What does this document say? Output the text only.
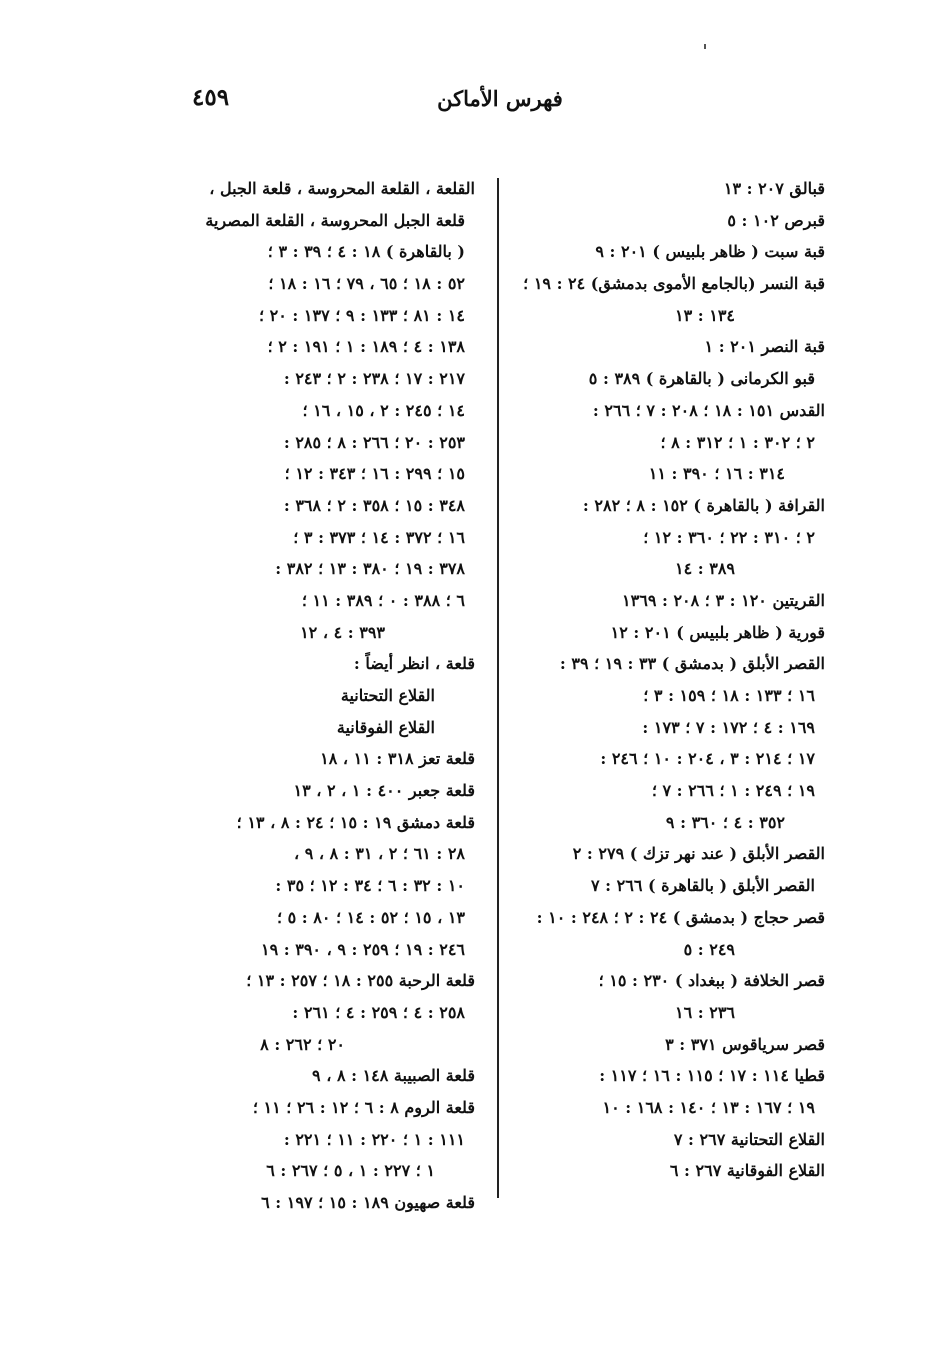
فهرس الأماكن
٤٥٩
قبالق ٢٠٧ : ١٣
قبرص ١٠٢ : ٥
قبة سبت ( ظاهر بلبيس ) ٢٠١ : ٩
قبة النسر (بالجامع الأموى بدمشق) ٢٤ : ١٩ ؛
١٣٤ : ١٣
قبة النصر ٢٠١ : ١
قبو الكرمانى ( بالقاهرة ) ٣٨٩ : ٥
القدس ١٥١ : ١٨ ؛ ٢٠٨ : ٧ ؛ ٢٦٦ :
٢ ؛ ٣٠٢ : ١ ؛ ٣١٢ : ٨ ؛
٣١٤ : ١٦ ؛ ٣٩٠ : ١١
القرافة ( بالقاهرة ) ١٥٢ : ٨ ؛ ٢٨٢ :
٢ ؛ ٣١٠ : ٢٢ ؛ ٣٦٠ : ١٢ ؛
٣٨٩ : ١٤
القريتين ١٢٠ : ٣ ؛ ٢٠٨ : ١٣٦٩
قورية ( ظاهر بلبيس ) ٢٠١ : ١٢
القصر الأبلق ( بدمشق ) ٣٣ : ١٩ ؛ ٣٩ :
١٦ ؛ ١٣٣ : ١٨ ؛ ١٥٩ : ٣ ؛
١٦٩ : ٤ ؛ ١٧٢ : ٧ ؛ ١٧٣ :
١٧ ؛ ٢١٤ : ٣ ، ٢٠٤ : ١٠ ؛ ٢٤٦ :
١٩ ؛ ٢٤٩ : ١ ؛ ٢٦٦ : ٧ ؛
٣٥٢ : ٤ ؛ ٣٦٠ : ٩
القصر الأبلق ( عند نهر تزك ) ٢٧٩ : ٢
القصر الأبلق ( بالقاهرة ) ٢٦٦ : ٧
قصر حجاج ( بدمشق ) ٢٤ : ٢ ؛ ٢٤٨ : ١٠ :
٢٤٩ : ٥
قصر الخلافة ( ببغداد ) ٢٣٠ : ١٥ ؛
٢٣٦ : ١٦
قصر سرياقوس ٣٧١ : ٣
قطيا ١١٤ : ١٧ ؛ ١١٥ : ١٦ ؛ ١١٧ :
١٩ ؛ ١٦٧ : ١٣ ؛ ١٤٠ : ١٦٨ : ١٠
القلاع التحتانية ٢٦٧ : ٧
القلاع الفوقانية ٢٦٧ : ٦
القلعة ، القلعة المحروسة ، قلعة الجبل ،
قلعة الجبل المحروسة ، القلعة المصرية
( بالقاهرة ) ١٨ : ٤ ؛ ٣٩ : ٣ ؛
٥٢ : ١٨ ؛ ٦٥ ، ٧٩ ؛ ١٦ : ١٨ ؛
١٤ : ٨١ ؛ ١٣٣ : ٩ ؛ ١٣٧ : ٢٠ ؛
١٣٨ : ٤ ؛ ١٨٩ : ١ ؛ ١٩١ : ٢ ؛
٢١٧ : ١٧ ؛ ٢٣٨ : ٢ ؛ ٢٤٣ :
١٤ ؛ ٢٤٥ : ٢ ، ١٥ ، ١٦ ؛
٢٥٣ : ٢٠ ؛ ٢٦٦ : ٨ ؛ ٢٨٥ :
١٥ ؛ ٢٩٩ : ١٦ ؛ ٣٤٣ : ١٢ ؛
٣٤٨ : ١٥ ؛ ٣٥٨ : ٢ ؛ ٣٦٨ :
١٦ ؛ ٣٧٢ : ١٤ ؛ ٣٧٣ : ٣ ؛
٣٧٨ : ١٩ ؛ ٣٨٠ : ١٣ ؛ ٣٨٢ :
٦ ؛ ٣٨٨ : ٠ ؛ ٣٨٩ : ١١ ؛
٣٩٣ : ٤ ، ١٢
قلعة ، انظر أيضاً :
القلاع التحتانية
القلاع الفوقانية
قلعة تعز ٣١٨ : ١١ ، ١٨
قلعة جعبر ٤٠٠ : ١ ، ٢ ، ١٣
قلعة دمشق ١٩ : ١٥ ؛ ٢٤ : ٨ ، ١٣ ؛
٢٨ : ٦١ ؛ ٢ ، ٣١ : ٨ ، ٩ ،
١٠ : ٣٢ : ٦ ؛ ٣٤ : ١٢ ؛ ٣٥ :
١٣ ، ١٥ ؛ ٥٢ : ١٤ ؛ ٨٠ : ٥ ؛
٢٤٦ : ١٩ ؛ ٢٥٩ : ٩ ، ٣٩٠ : ١٩
قلعة الرحبة ٢٥٥ : ١٨ ؛ ٢٥٧ : ١٣ ؛
٢٥٨ : ٤ ؛ ٢٥٩ : ٤ ؛ ٢٦١ :
٢٠ ؛ ٢٦٢ : ٨
قلعة الصبيبة ١٤٨ : ٨ ، ٩
قلعة الروم ٨ : ٦ ؛ ١٢ : ٢٦ ؛ ١١ ؛
١١١ : ١ ؛ ٢٢٠ : ١١ ؛ ٢٢١ :
١ ؛ ٢٢٧ : ١ ، ٥ ؛ ٢٦٧ : ٦
قلعة صهيون ١٨٩ : ١٥ ؛ ١٩٧ : ٦
